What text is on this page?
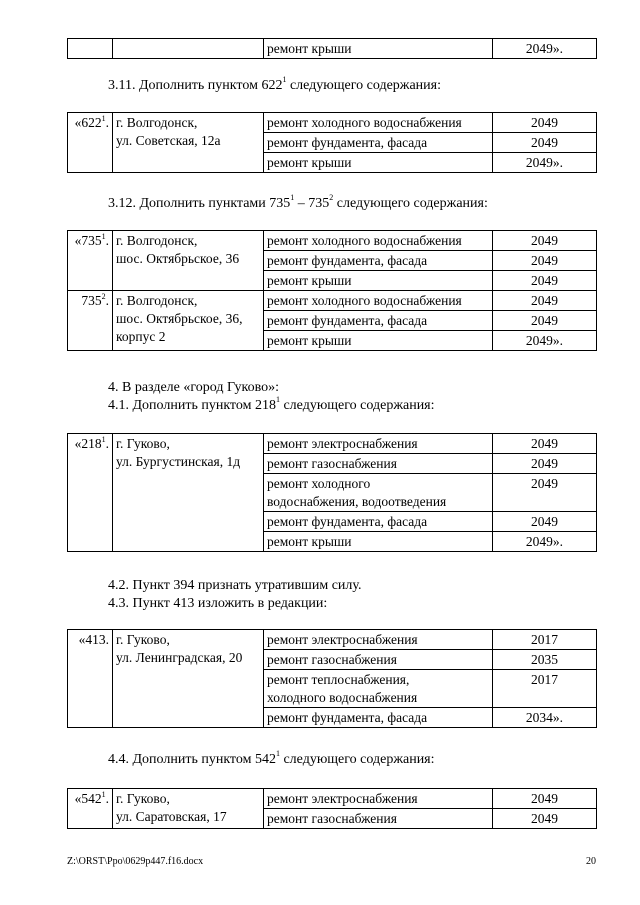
		ремонт крыши	2049».
3.11. Дополнить пунктом $622^1$ следующего содержания:
«$622^1$.	г. Волгодонск,
ул. Советская, 12а	ремонт холодного водоснабжения	2049
		ремонт фундамента, фасада	2049
		ремонт крыши	2049».
3.12. Дополнить пунктами $735^1 - 735^2$ следующего содержания:
«$735^1$.	г. Волгодонск,
шос. Октябрьское, 36	ремонт холодного водоснабжения	2049
		ремонт фундамента, фасада	2049
		ремонт крыши	2049
$735^2$.	г. Волгодонск,
шос. Октябрьское, 36,
корпус 2	ремонт холодного водоснабжения	2049
		ремонт фундамента, фасада	2049
		ремонт крыши	2049».
4. В разделе «город Гуково»:
4.1. Дополнить пунктом $218^1$ следующего содержания:
«$218^1$.	г. Гуково,
ул. Бургустинская, 1д	ремонт электроснабжения	2049
		ремонт газоснабжения	2049
		ремонт холодного
водоснабжения, водоотведения	2049
		ремонт фундамента, фасада	2049
		ремонт крыши	2049».
4.2. Пункт 394 признать утратившим силу.
4.3. Пункт 413 изложить в редакции:
«413.	г. Гуково,
ул. Ленинградская, 20	ремонт электроснабжения	2017
		ремонт газоснабжения	2035
		ремонт теплоснабжения,
холодного водоснабжения	2017
		ремонт фундамента, фасада	2034».
4.4. Дополнить пунктом $542^1$ следующего содержания:
«$542^1$.	г. Гуково,
ул. Саратовская, 17	ремонт электроснабжения	2049
		ремонт газоснабжения	2049
Z:\ORST\Ppo\0629p447.f16.docx	20
